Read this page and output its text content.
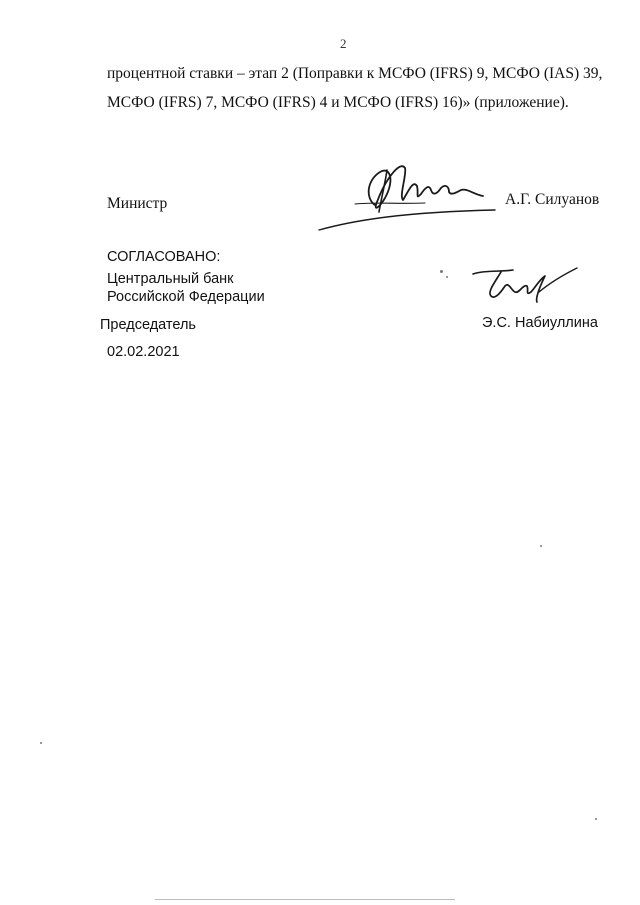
2
процентной ставки – этап 2 (Поправки к МСФО (IFRS) 9, МСФО (IAS) 39,
МСФО (IFRS) 7, МСФО (IFRS) 4 и МСФО (IFRS) 16)» (приложение).
Министр	А.Г. Силуанов
СОГЛАСОВАНО:
Центральный банк
Российской Федерации
Председатель	Э.С. Набиуллина
02.02.2021
